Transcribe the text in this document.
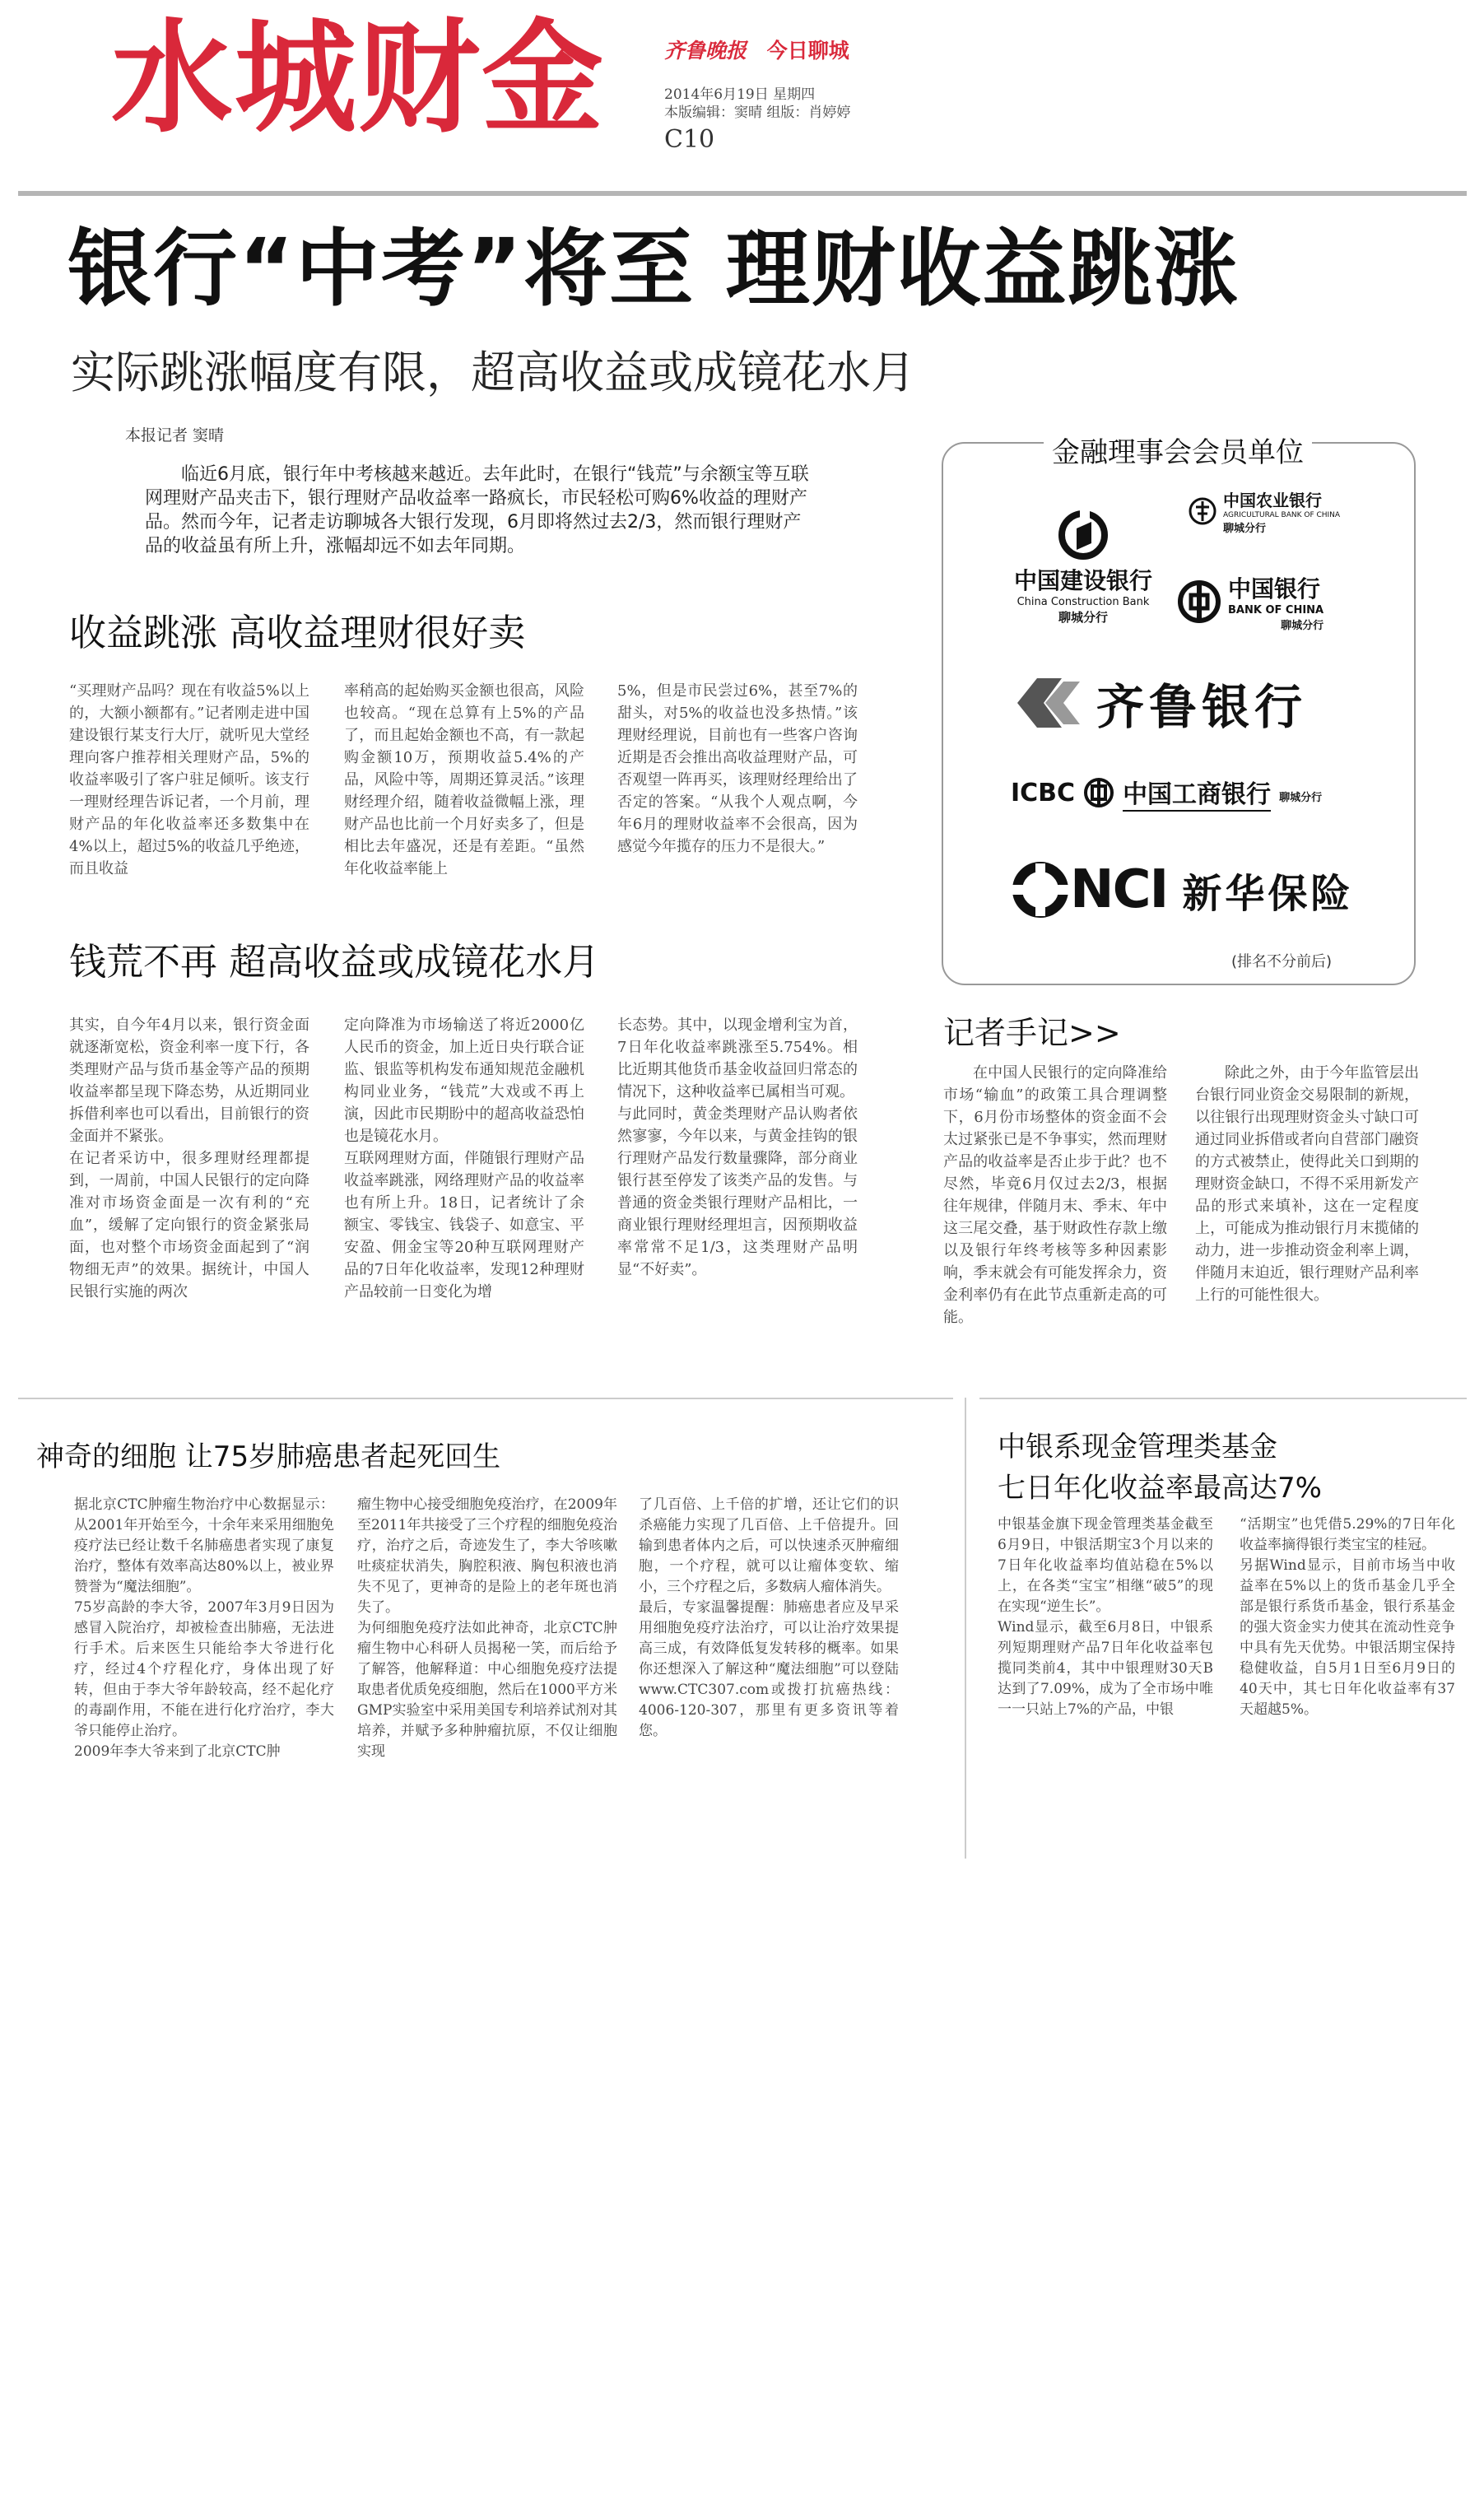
水城财金	齐鲁晚报 今日聊城
2014年6月19日 星期四
本版编辑：窦晴 组版：肖婷婷
C10
银行“中考”将至 理财收益跳涨
实际跳涨幅度有限，超高收益或成镜花水月
本报记者 窦晴
临近6月底，银行年中考核越来越近。去年此时，在银行“钱荒”与余额宝等互联网理财产品夹击下，银行理财产品收益率一路疯长，市民轻松可购6%收益的理财产品。然而今年，记者走访聊城各大银行发现，6月即将然过去2/3，然而银行理财产品的收益虽有所上升，涨幅却远不如去年同期。
收益跳涨 高收益理财很好卖
“买理财产品吗？现在有收益5%以上的，大额小额都有。”记者刚走进中国建设银行某支行大厅，就听见大堂经理向客户推荐相关理财产品，5%的收益率吸引了客户驻足倾听。该支行一理财经理告诉记者，一个月前，理财产品的年化收益率还多数集中在4%以上，超过5%的收益几乎绝迹，而且收益
率稍高的起始购买金额也很高，风险也较高。“现在总算有上5%的产品了，而且起始金额也不高，有一款起购金额10万，预期收益5.4%的产品，风险中等，周期还算灵活。”该理财经理介绍，随着收益微幅上涨，理财产品也比前一个月好卖多了，但是相比去年盛况，还是有差距。“虽然年化收益率能上
5%，但是市民尝过6%，甚至7%的甜头，对5%的收益也没多热情。”该理财经理说，目前也有一些客户咨询近期是否会推出高收益理财产品，可否观望一阵再买，该理财经理给出了否定的答案。“从我个人观点啊，今年6月的理财收益率不会很高，因为感觉今年揽存的压力不是很大。”
钱荒不再 超高收益或成镜花水月
其实，自今年4月以来，银行资金面就逐渐宽松，资金利率一度下行，各类理财产品与货币基金等产品的预期收益率都呈现下降态势，从近期同业拆借利率也可以看出，目前银行的资金面并不紧张。
在记者采访中，很多理财经理都提到，一周前，中国人民银行的定向降准对市场资金面是一次有利的“充血”，缓解了定向银行的资金紧张局面，也对整个市场资金面起到了“润物细无声”的效果。据统计，中国人民银行实施的两次
定向降准为市场输送了将近2000亿人民币的资金，加上近日央行联合证监、银监等机构发布通知规范金融机构同业业务，“钱荒”大戏或不再上演，因此市民期盼中的超高收益恐怕也是镜花水月。
互联网理财方面，伴随银行理财产品收益率跳涨，网络理财产品的收益率也有所上升。18日，记者统计了余额宝、零钱宝、钱袋子、如意宝、平安盈、佣金宝等20种互联网理财产品的7日年化收益率，发现12种理财产品较前一日变化为增
长态势。其中，以现金增利宝为首，7日年化收益率跳涨至5.754%。相比近期其他货币基金收益回归常态的情况下，这种收益率已属相当可观。
与此同时，黄金类理财产品认购者依然寥寥，今年以来，与黄金挂钩的银行理财产品发行数量骤降，部分商业银行甚至停发了该类产品的发售。与普通的资金类银行理财产品相比，一商业银行理财经理坦言，因预期收益率常常不足1/3，这类理财产品明显“不好卖”。
金融理事会会员单位
中国建设银行
China Construction Bank
聊城分行
中国农业银行
AGRICULTURAL BANK OF CHINA
聊城分行
中国银行
BANK OF CHINA
聊城分行
齐鲁银行
ICBC 中国工商银行 聊城分行
NCI 新华保险
(排名不分前后)
记者手记>>
在中国人民银行的定向降准给市场“输血”的政策工具合理调整下，6月份市场整体的资金面不会太过紧张已是不争事实，然而理财产品的收益率是否止步于此？也不尽然，毕竟6月仅过去2/3，根据往年规律，伴随月末、季末、年中这三尾交叠，基于财政性存款上缴以及银行年终考核等多种因素影响，季末就会有可能发挥余力，资金利率仍有在此节点重新走高的可能。
除此之外，由于今年监管层出台银行同业资金交易限制的新规，以往银行出现理财资金头寸缺口可通过同业拆借或者向自营部门融资的方式被禁止，使得此关口到期的理财资金缺口，不得不采用新发产品的形式来填补，这在一定程度上，可能成为推动银行月末揽储的动力，进一步推动资金利率上调，伴随月末迫近，银行理财产品利率上行的可能性很大。
神奇的细胞 让75岁肺癌患者起死回生
据北京CTC肿瘤生物治疗中心数据显示：从2001年开始至今，十余年来采用细胞免疫疗法已经让数千名肺癌患者实现了康复治疗，整体有效率高达80%以上，被业界赞誉为“魔法细胞”。
75岁高龄的李大爷，2007年3月9日因为感冒入院治疗，却被检查出肺癌，无法进行手术。后来医生只能给李大爷进行化疗，经过4个疗程化疗，身体出现了好转，但由于李大爷年龄较高，经不起化疗的毒副作用，不能在进行化疗治疗，李大爷只能停止治疗。
2009年李大爷来到了北京CTC肿
瘤生物中心接受细胞免疫治疗，在2009年至2011年共接受了三个疗程的细胞免疫治疗，治疗之后，奇迹发生了，李大爷咳嗽吐痰症状消失，胸腔积液、胸包积液也消失不见了，更神奇的是险上的老年斑也消失了。
为何细胞免疫疗法如此神奇，北京CTC肿瘤生物中心科研人员揭秘一笑，而后给予了解答，他解释道：中心细胞免疫疗法提取患者优质免疫细胞，然后在1000平方米GMP实验室中采用美国专利培养试剂对其培养，并赋予多种肿瘤抗原，不仅让细胞实现
了几百倍、上千倍的扩增，还让它们的识杀癌能力实现了几百倍、上千倍提升。回输到患者体内之后，可以快速杀灭肿瘤细胞，一个疗程，就可以让瘤体变软、缩小，三个疗程之后，多数病人瘤体消失。
最后，专家温馨提醒：肺癌患者应及早采用细胞免疫疗法治疗，可以让治疗效果提高三成，有效降低复发转移的概率。如果你还想深入了解这种“魔法细胞”可以登陆www.CTC307.com或拨打抗癌热线：4006-120-307，那里有更多资讯等着您。
中银系现金管理类基金
七日年化收益率最高达7%
中银基金旗下现金管理类基金截至6月9日，中银活期宝3个月以来的7日年化收益率均值站稳在5%以上，在各类“宝宝”相继“破5”的现在实现“逆生长”。
Wind显示，截至6月8日，中银系列短期理财产品7日年化收益率包揽同类前4，其中中银理财30天B达到了7.09%，成为了全市场中唯一一只站上7%的产品，中银
“活期宝”也凭借5.29%的7日年化收益率摘得银行类宝宝的桂冠。
另据Wind显示，目前市场当中收益率在5%以上的货币基金几乎全部是银行系货币基金，银行系基金的强大资金实力使其在流动性竞争中具有先天优势。中银活期宝保持稳健收益，自5月1日至6月9日的40天中，其七日年化收益率有37天超越5%。
